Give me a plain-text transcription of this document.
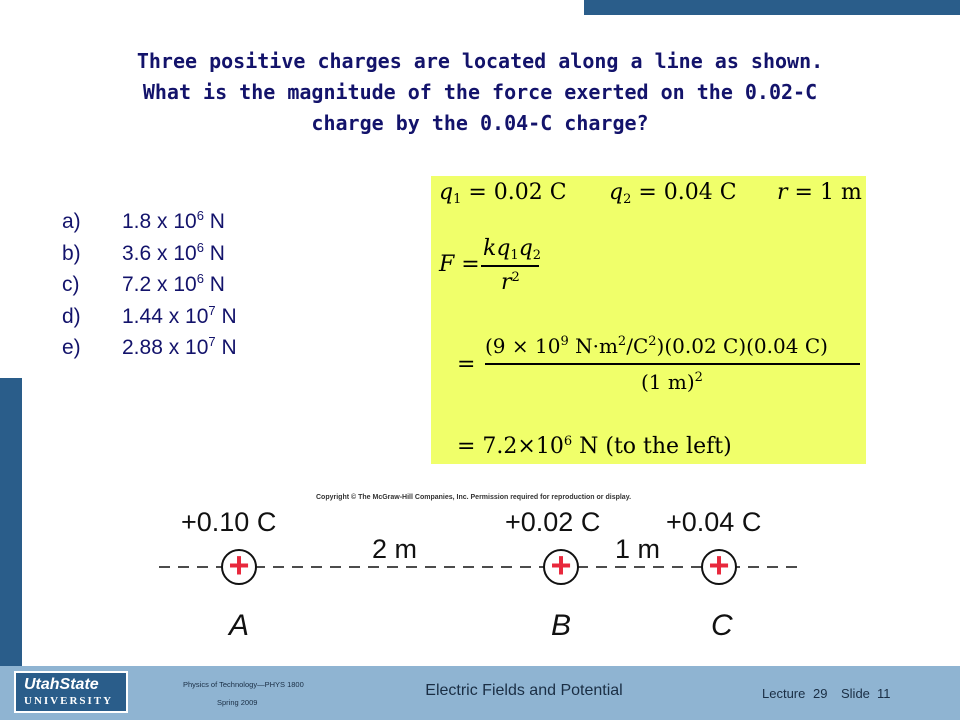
Three positive charges are located along a line as shown.
What is the magnitude of the force exerted on the 0.02-C
charge by the 0.04-C charge?
a) 1.8 x $10^6$ N
b) 3.6 x $10^6$ N
c) 7.2 x $10^6$ N
d) 1.44 x $10^7$ N
e) 2.88 x $10^7$ N
$q_1 = 0.02$ C $q_2 = 0.04$ C r = 1 m
F =
$kq_1q_2$
$r^2$
=
($9 \times 10^9$ $N\cdot m^2/C^2)(0.02$ C)(0.04 C)
(1 m)$^2$
= $7.2\times 10^6$ N (to the left)
+0.10 C	+0.02 C +0.04 C
2 m	1 m
+	+	+
A	B	C
Copyright © The McGraw-Hill Companies, Inc. Permission required for reproduction or display.
UtahState
UNIVERSITY
Physics of Technology—PHYS 1800
Spring 2009
Electric Fields and Potential	Lecture 29 Slide 11
